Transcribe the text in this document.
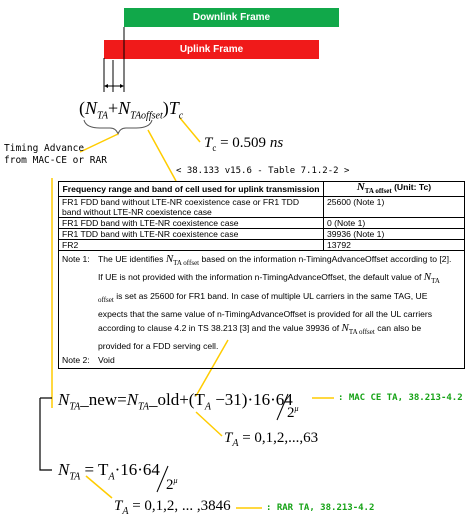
Downlink Frame
Uplink Frame
$(N_{TA}+N_{TAoffset})T_c$
$T_c = 0.509$ ns
Timing Advance
from MAC-CE or RAR
< 38.133 v15.6 - Table 7.1.2-2 >
Frequency range and band of cell used for uplink transmission	$N_{TA offset}$ (Unit: Tc)
FR1 FDD band without LTE-NR coexistence case or FR1 TDD band without LTE-NR coexistence case	25600 (Note 1)
FR1 FDD band with LTE-NR coexistence case	0 (Note 1)
FR1 TDD band with LTE-NR coexistence case	39936 (Note 1)
FR2	13792

Note 1: The UE identifies $N_{TA offset}$ based on the information n-TimingAdvanceOffset according to [2]. If UE is not provided with the information n-TimingAdvanceOffset, the default value of $N_{TA offset}$ is set as 25600 for FR1 band. In case of multiple UL carriers in the same TAG, UE expects that the same value of n-TimingAdvanceOffset is provided for all the UL carriers according to clause 4.2 in TS 38.213 [3] and the value 39936 of $N_{TA offset}$ can also be provided for a FDD serving cell.
Note 2: Void	
$N_{TA}\_new=N_{TA}\_old+(T_A -31)\cdot 16\cdot 64$
$2^\mu$
: MAC CE TA, 38.213-4.2
$T_A = 0,1,2,...,63$
$N_{TA} = T_A\cdot 16\cdot 64$
$2^\mu$
$T_A = 0,1,2$, ... ,3846	: RAR TA, 38.213-4.2
